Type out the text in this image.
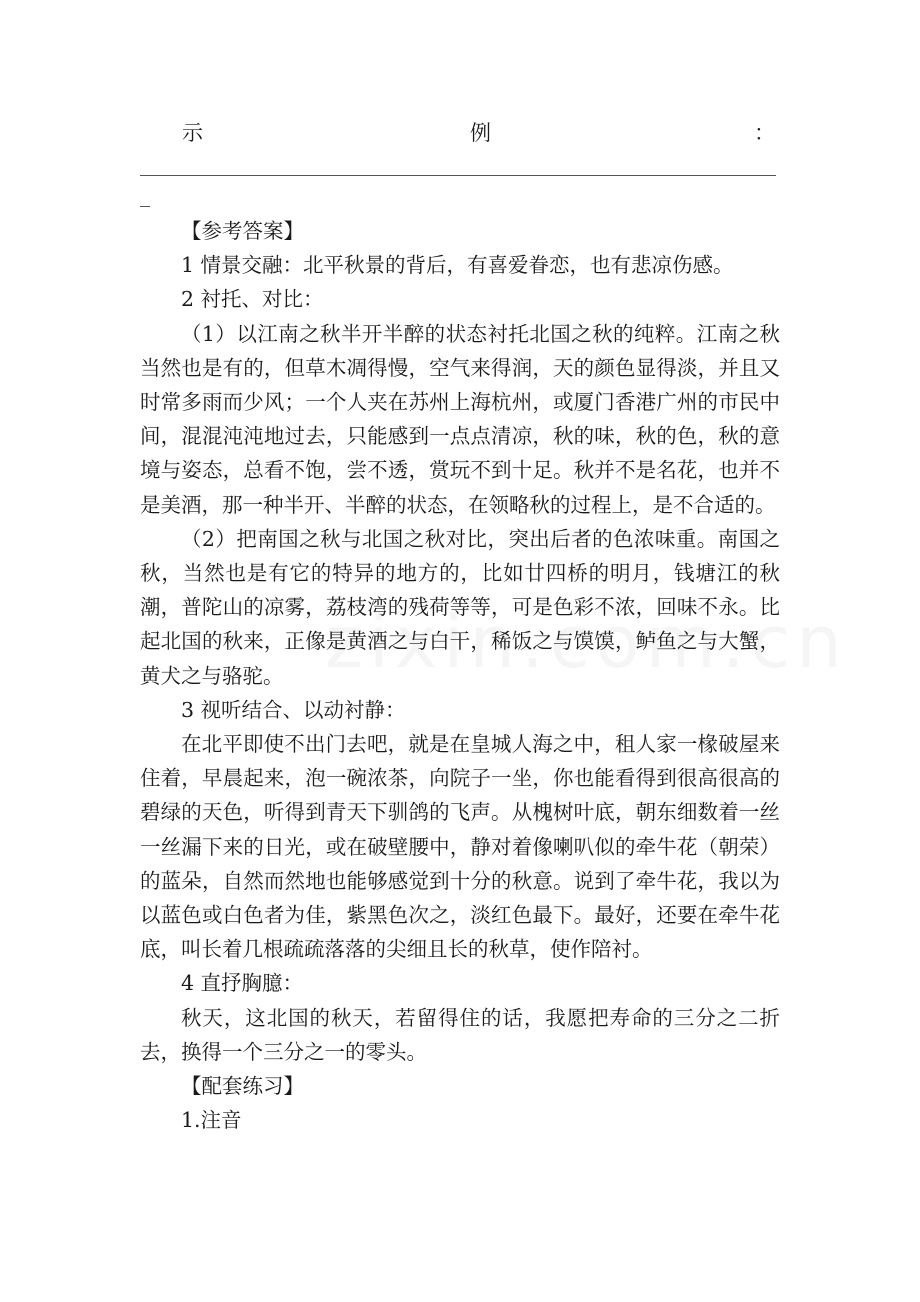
示	例	：

【参考答案】

1 情景交融：北平秋景的背后，有喜爱眷恋，也有悲凉伤感。

2 衬托、对比：

（1）以江南之秋半开半醉的状态衬托北国之秋的纯粹。江南之秋当然也是有的，但草木凋得慢，空气来得润，天的颜色显得淡，并且又时常多雨而少风；一个人夹在苏州上海杭州，或厦门香港广州的市民中间，混混沌沌地过去，只能感到一点点清凉，秋的味，秋的色，秋的意境与姿态，总看不饱，尝不透，赏玩不到十足。秋并不是名花，也并不是美酒，那一种半开、半醉的状态，在领略秋的过程上，是不合适的。

（2）把南国之秋与北国之秋对比，突出后者的色浓味重。南国之秋，当然也是有它的特异的地方的，比如廿四桥的明月，钱塘江的秋潮，普陀山的凉雾，荔枝湾的残荷等等，可是色彩不浓，回味不永。比起北国的秋来，正像是黄酒之与白干，稀饭之与馍馍，鲈鱼之与大蟹，黄犬之与骆驼。

3 视听结合、以动衬静：

在北平即使不出门去吧，就是在皇城人海之中，租人家一椽破屋来住着，早晨起来，泡一碗浓茶，向院子一坐，你也能看得到很高很高的碧绿的天色，听得到青天下驯鸽的飞声。从槐树叶底，朝东细数着一丝一丝漏下来的日光，或在破壁腰中，静对着像喇叭似的牵牛花（朝荣）的蓝朵，自然而然地也能够感觉到十分的秋意。说到了牵牛花，我以为以蓝色或白色者为佳，紫黑色次之，淡红色最下。最好，还要在牵牛花底，叫长着几根疏疏落落的尖细且长的秋草，使作陪衬。

4 直抒胸臆：

秋天，这北国的秋天，若留得住的话，我愿把寿命的三分之二折去，换得一个三分之一的零头。

【配套练习】

1.注音
